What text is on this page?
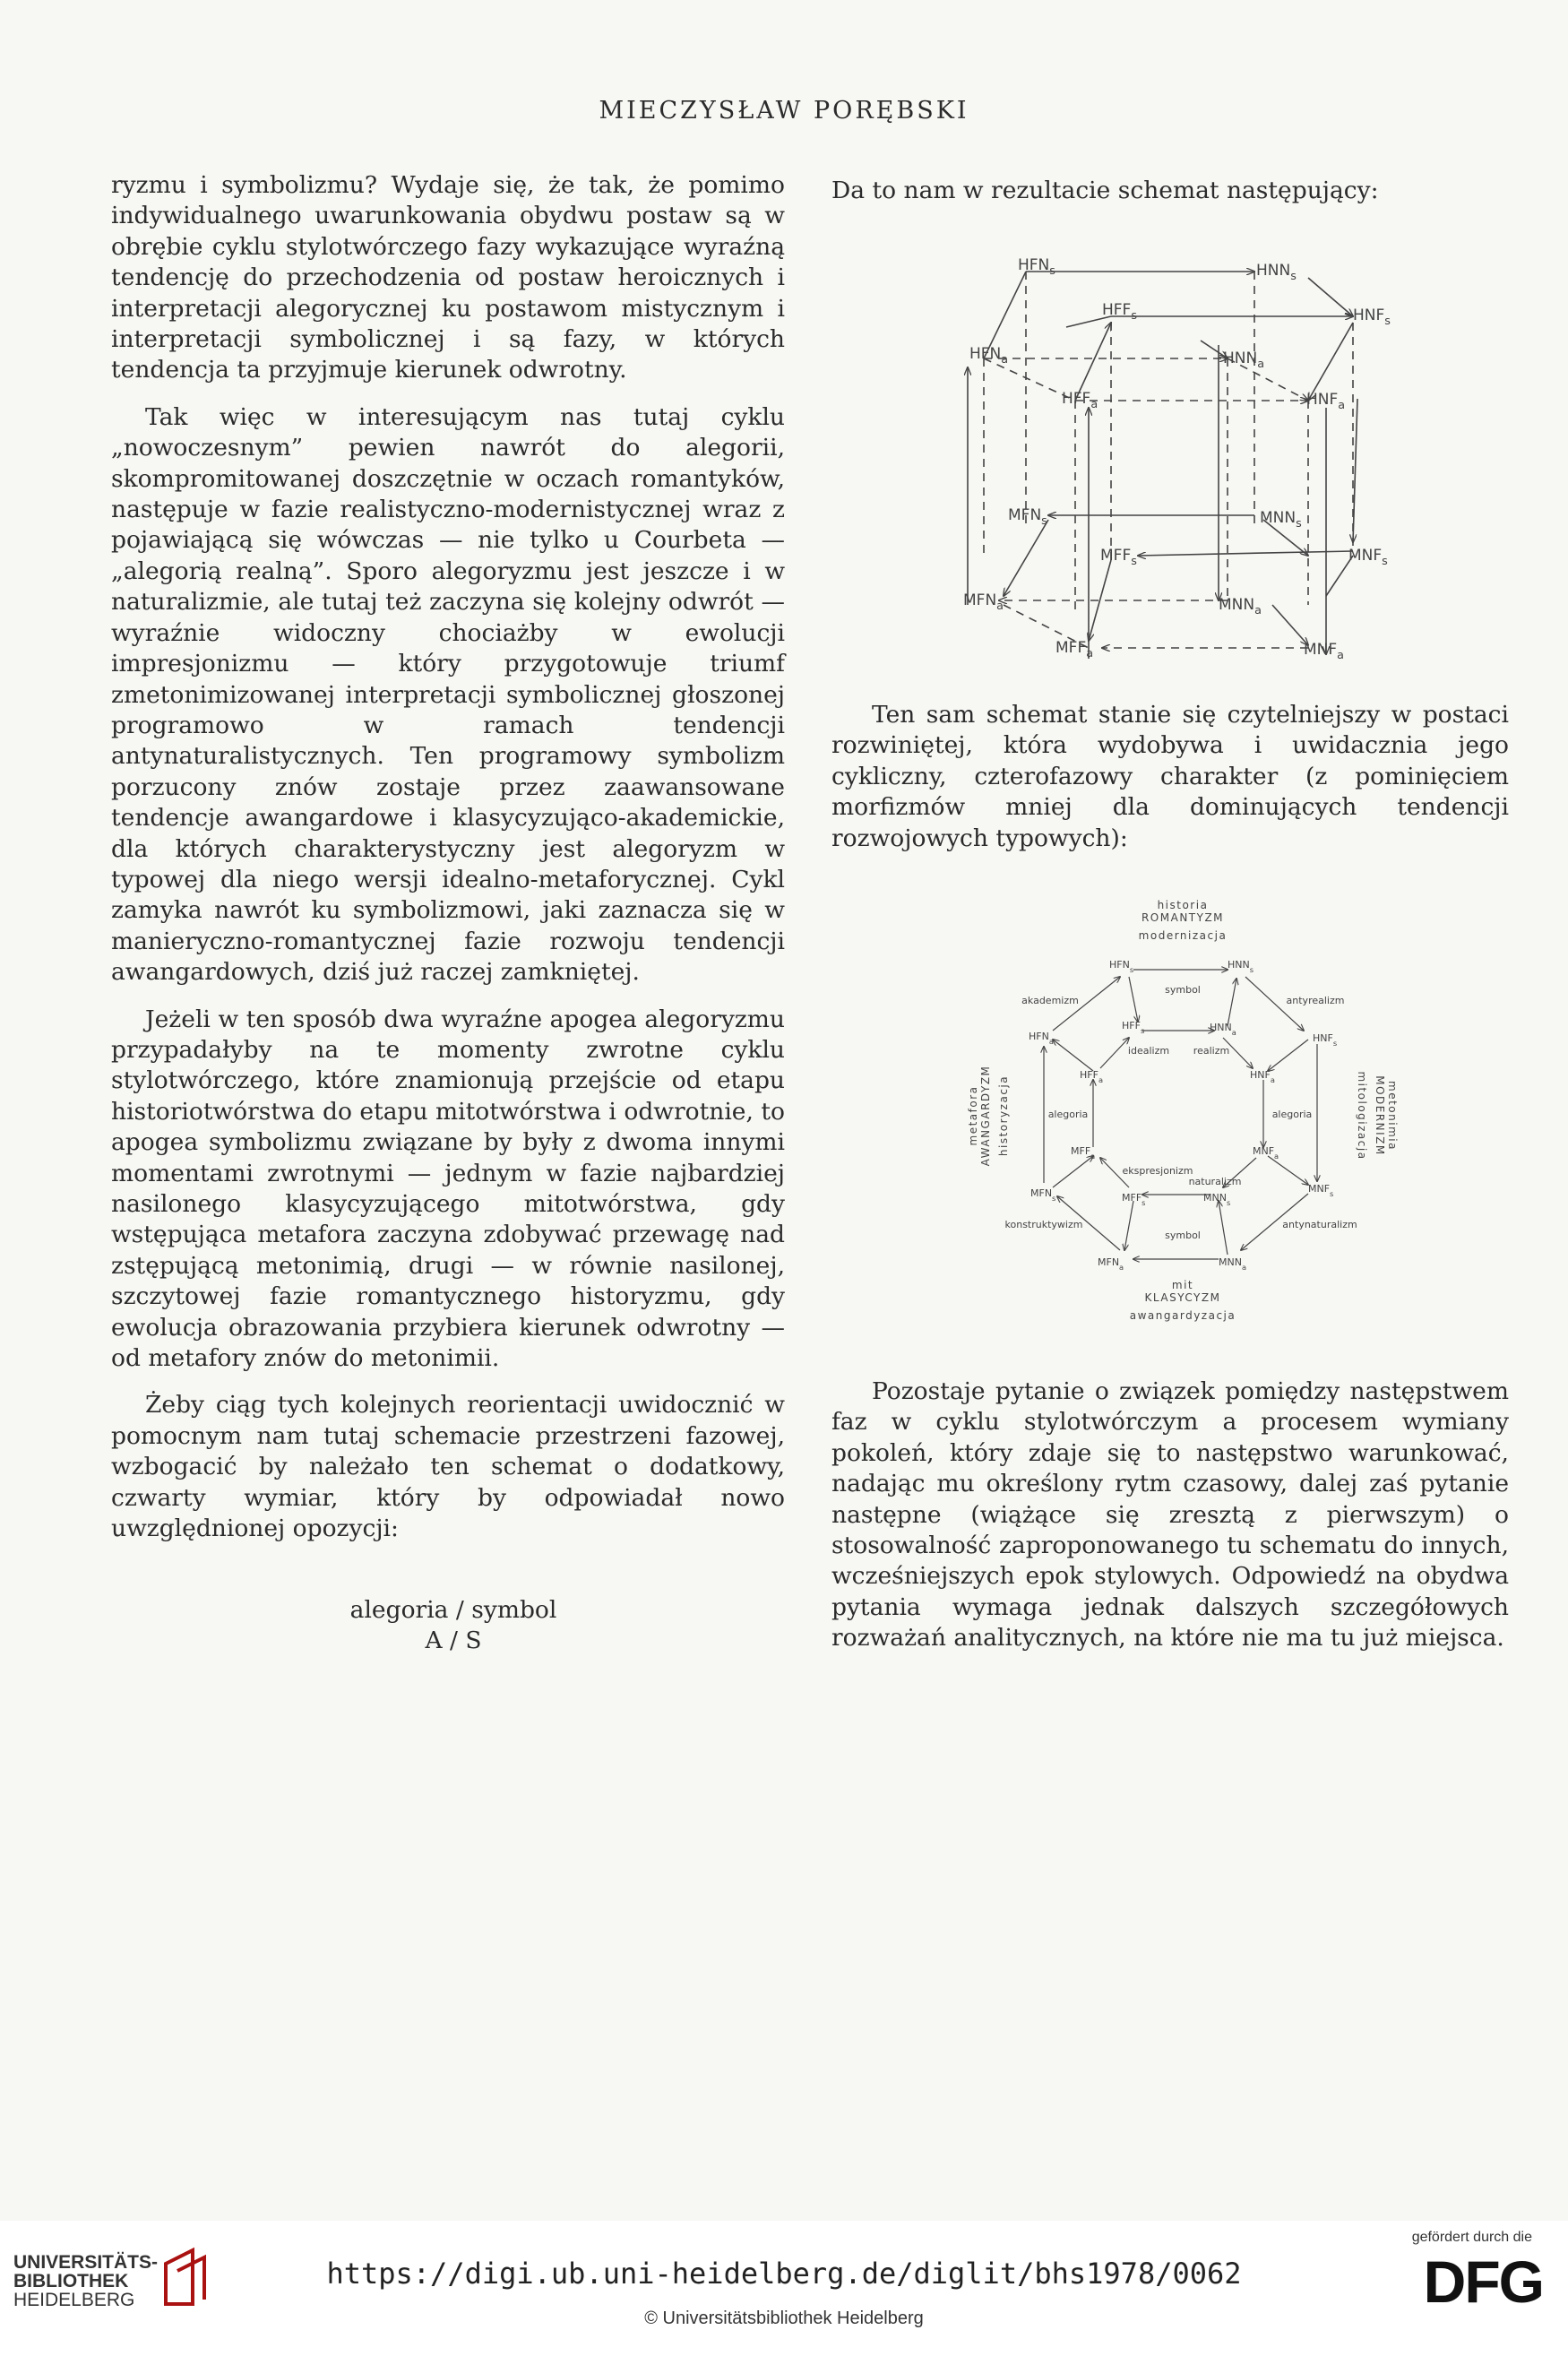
MIECZYSŁAW PORĘBSKI

ryzmu i symbolizmu? Wydaje się, że tak, że pomimo indywidualnego uwarunkowania obydwu postaw są w obrębie cyklu stylotwórczego fazy wykazujące wyraźną tendencję do przechodzenia od postaw heroicznych i interpretacji alegorycznej ku postawom mistycznym i interpretacji symbolicznej i są fazy, w których tendencja ta przyjmuje kierunek odwrotny.

Tak więc w interesującym nas tutaj cyklu „nowoczesnym” pewien nawrót do alegorii, skompromitowanej doszczętnie w oczach romantyków, następuje w fazie realistyczno-modernistycznej wraz z pojawiającą się wówczas — nie tylko u Courbeta — „alegorią realną”. Sporo alegoryzmu jest jeszcze i w naturalizmie, ale tutaj też zaczyna się kolejny odwrót — wyraźnie widoczny chociażby w ewolucji impresjonizmu — który przygotowuje triumf zmetonimizowanej interpretacji symbolicznej głoszonej programowo w ramach tendencji antynaturalistycznych. Ten programowy symbolizm porzucony znów zostaje przez zaawansowane tendencje awangardowe i klasycyzująco-akademickie, dla których charakterystyczny jest alegoryzm w typowej dla niego wersji idealno-metaforycznej. Cykl zamyka nawrót ku symbolizmowi, jaki zaznacza się w manieryczno-romantycznej fazie rozwoju tendencji awangardowych, dziś już raczej zamkniętej.

Jeżeli w ten sposób dwa wyraźne apogea alegoryzmu przypadałyby na te momenty zwrotne cyklu stylotwórczego, które znamionują przejście od etapu historiotwórstwa do etapu mitotwórstwa i odwrotnie, to apogea symbolizmu związane by były z dwoma innymi momentami zwrotnymi — jednym w fazie najbardziej nasilonego klasycyzującego mitotwórstwa, gdy wstępująca metafora zaczyna zdobywać przewagę nad zstępującą metonimią, drugi — w równie nasilonej, szczytowej fazie romantycznego historyzmu, gdy ewolucja obrazowania przybiera kierunek odwrotny — od metafory znów do metonimii.

Żeby ciąg tych kolejnych reorientacji uwidocznić w pomocnym nam tutaj schemacie przestrzeni fazowej, wzbogacić by należało ten schemat o dodatkowy, czwarty wymiar, który by odpowiadał nowo uwzględnionej opozycji:

alegoria / symbol
A / S
Da to nam w rezultacie schemat następujący:
$HFN_s$	$HNN_s$
$HFF_s$	$HNF_s$
$HFN_a$	$HNN_a$
$HFF_a$	$HNF_a$
$MFN_s$	$MNN_s$
$MFF_s$	$MNF_s$
$MFN_a$	$MNN_a$
$MFF_a$	$MNF_a$
Ten sam schemat stanie się czytelniejszy w postaci rozwiniętej, która wydobywa i uwidacznia jego cykliczny, czterofazowy charakter (z pominięciem morfizmów mniej dla dominujących tendencji rozwojowych typowych):
historia
ROMANTYZM
modernizacja
mit
KLASYCYZM
awangardyzacja
metafora AWANGARDYZM historyzacja	metonimia
MODERNIZM
mitologizacja
symbol
symbol
akademizm	antyrealizm
konstruktywizm	antynaturalizm
alegoria	alegoria
idealizm realizm
ekspresjonizm
naturalizm
$HFN_s$	$HNN_s$
$HFF_s$
$HNF_s$
$HFN_a$
$HNN_a$
$HFF_a$	$HNF_a$
$MFN_s$	$MNN_s$
$MFF_s$
$MNF_s$
$MFN_a$	$MNN_a$
$MFF_a$	$MNF_a$
Pozostaje pytanie o związek pomiędzy następstwem faz w cyklu stylotwórczym a procesem wymiany pokoleń, który zdaje się to następstwo warunkować, nadając mu określony rytm czasowy, dalej zaś pytanie następne (wiążące się zresztą z pierwszym) o stosowalność zaproponowanego tu schematu do innych, wcześniejszych epok stylowych. Odpowiedź na obydwa pytania wymaga jednak dalszych szczegółowych rozważań analitycznych, na które nie ma tu już miejsca.
UNIVERSITÄTS-
BIBLIOTHEK
HEIDELBERG
https://digi.ub.uni-heidelberg.de/diglit/bhs1978/0062
© Universitätsbibliothek Heidelberg
gefördert durch die
DFG
